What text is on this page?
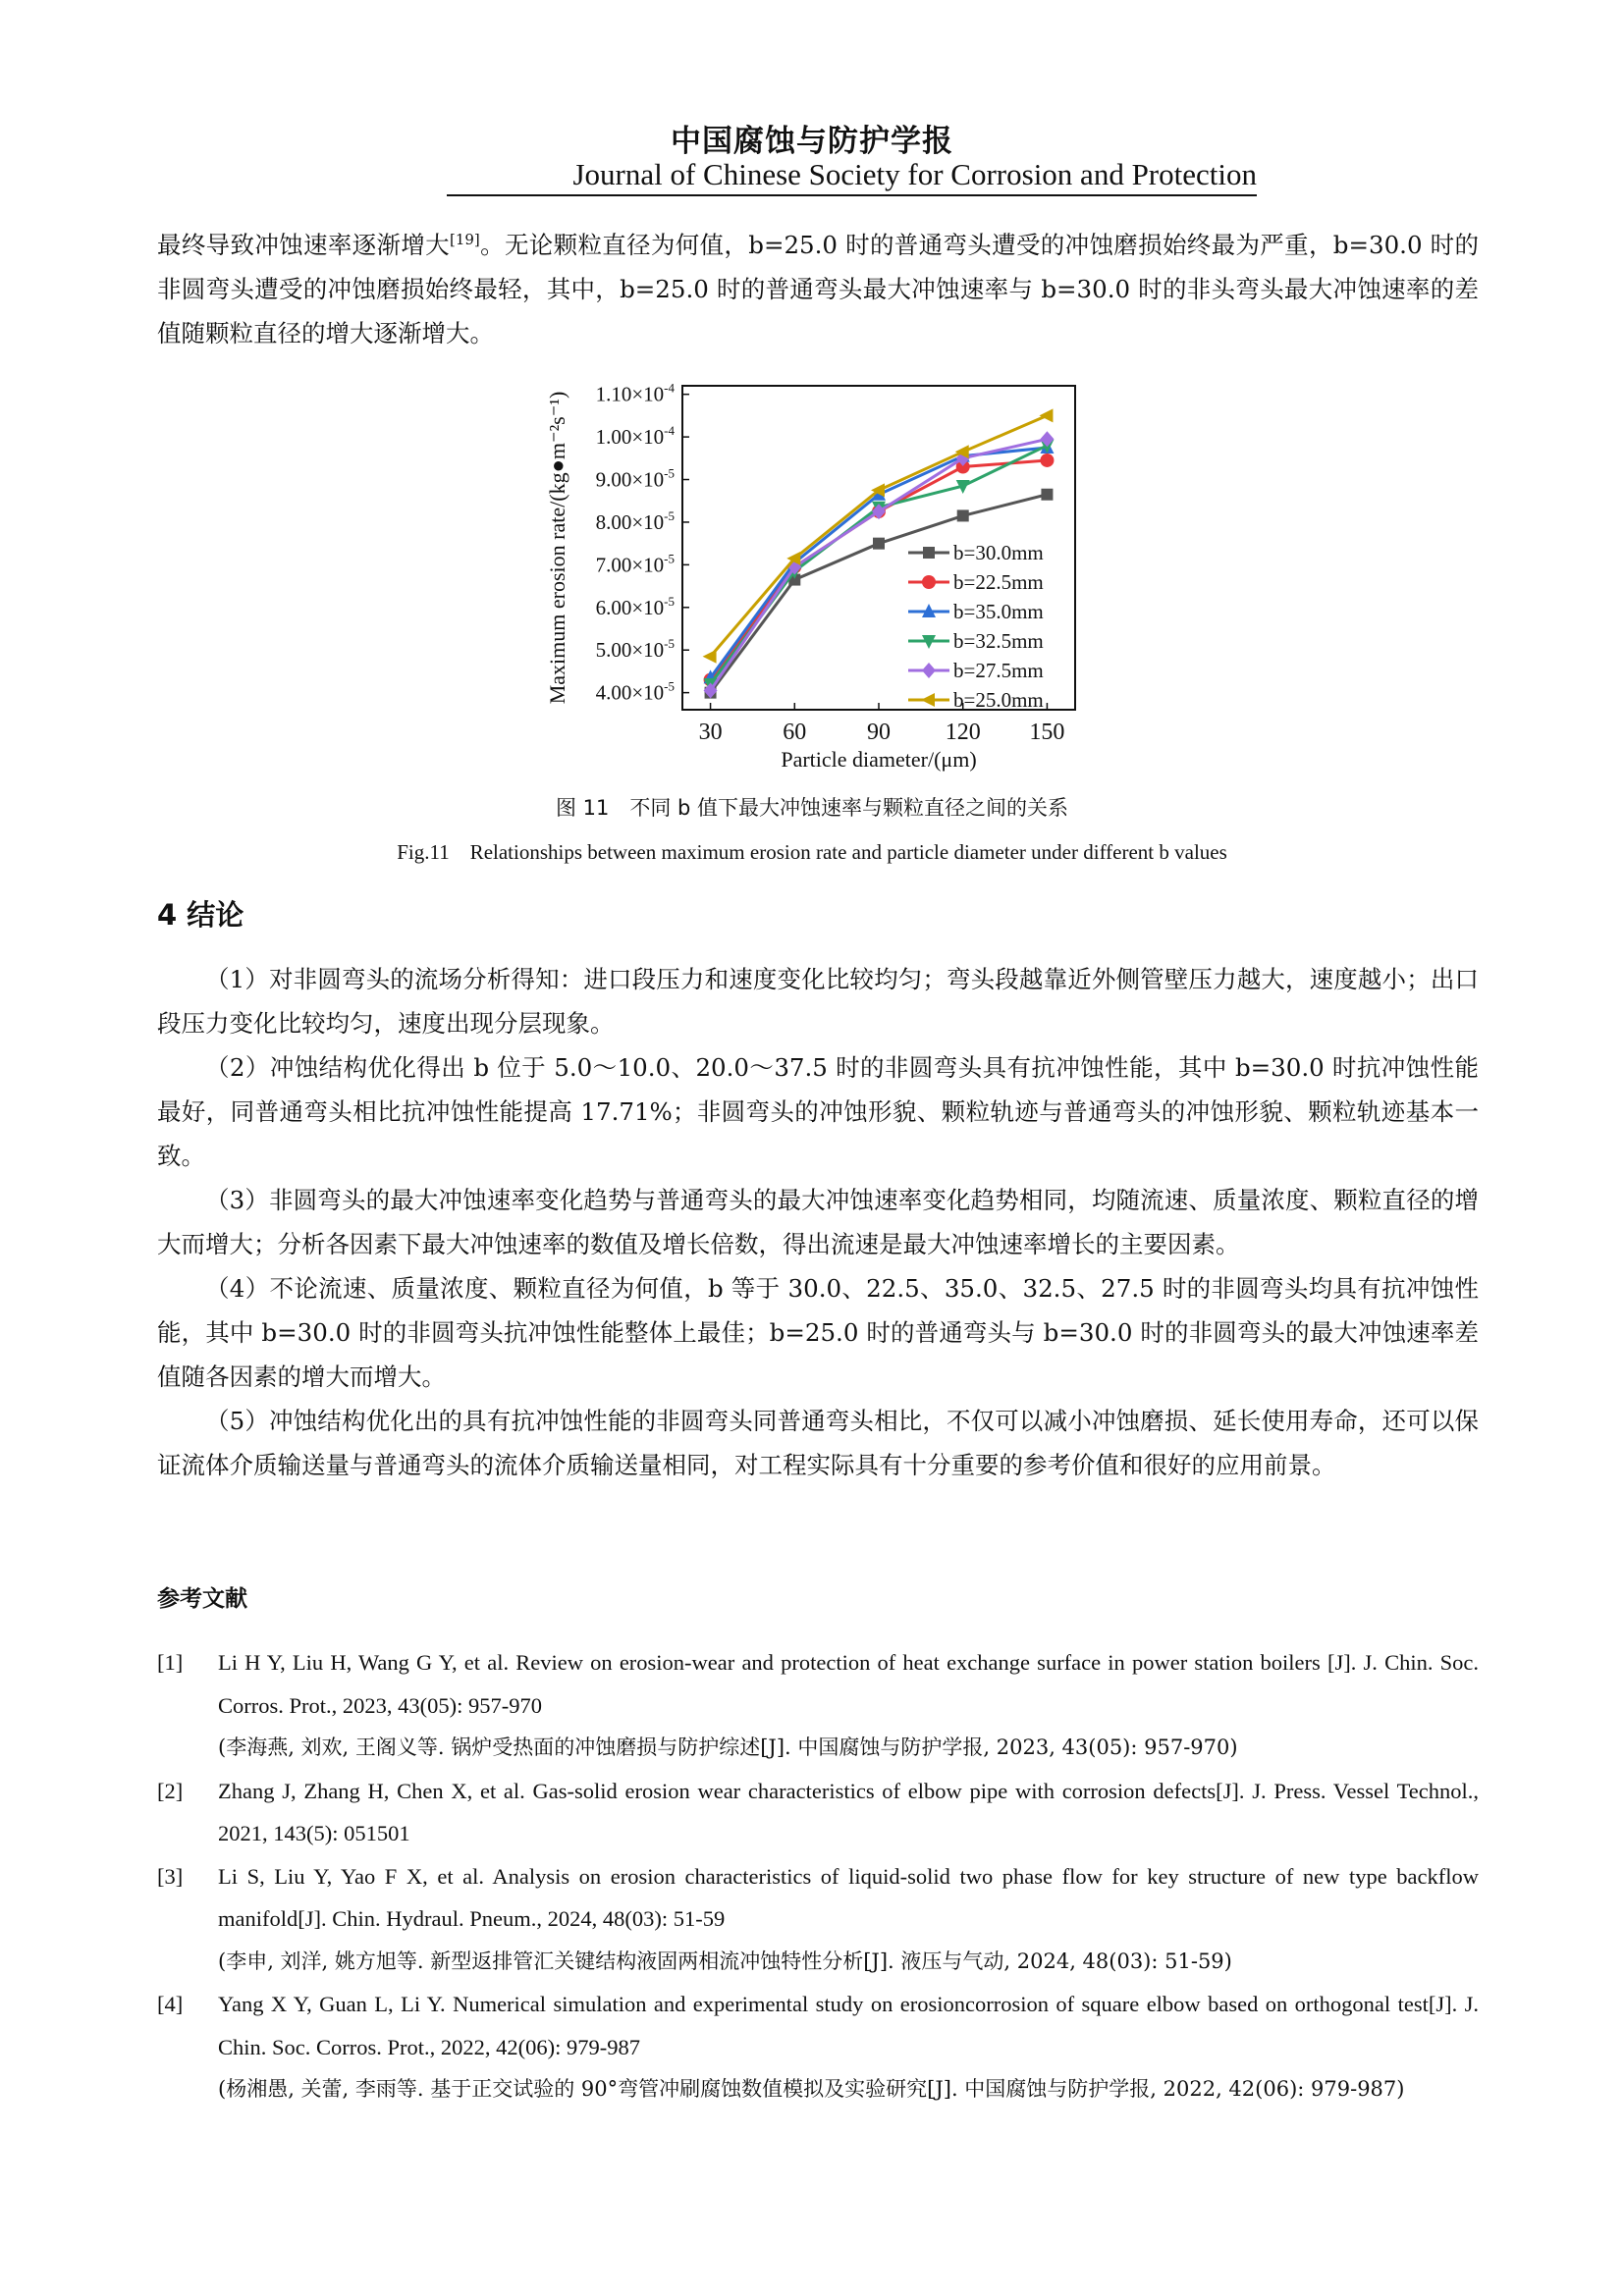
中国腐蚀与防护学报
Journal of Chinese Society for Corrosion and Protection
最终导致冲蚀速率逐渐增大[19]。无论颗粒直径为何值，b=25.0 时的普通弯头遭受的冲蚀磨损始终最为严重，b=30.0 时的非圆弯头遭受的冲蚀磨损始终最轻，其中，b=25.0 时的普通弯头最大冲蚀速率与 b=30.0 时的非头弯头最大冲蚀速率的差值随颗粒直径的增大逐渐增大。
$4.00\times 10^{-5}$
$5.00\times 10^{-5}$
$6.00\times 10^{-5}$
$7.00\times 10^{-5}$
$8.00\times 10^{-5}$
$9.00\times 10^{-5}$
$1.00\times 10^{-4}$
$1.10\times 10^{-4}$
30	60	90 120 150
Particle diameter/(μm)
Maximum erosion rate/(kg●m⁻²s⁻¹)	b=30.0mm
b=22.5mm
b=35.0mm
b=32.5mm
b=27.5mm
b=25.0mm
图 11　不同 b 值下最大冲蚀速率与颗粒直径之间的关系
Fig.11　Relationships between maximum erosion rate and particle diameter under different b values
4 结论

（1）对非圆弯头的流场分析得知：进口段压力和速度变化比较均匀；弯头段越靠近外侧管壁压力越大，速度越小；出口段压力变化比较均匀，速度出现分层现象。

（2）冲蚀结构优化得出 b 位于 5.0～10.0、20.0～37.5 时的非圆弯头具有抗冲蚀性能，其中 b=30.0 时抗冲蚀性能最好，同普通弯头相比抗冲蚀性能提高 17.71%；非圆弯头的冲蚀形貌、颗粒轨迹与普通弯头的冲蚀形貌、颗粒轨迹基本一致。

（3）非圆弯头的最大冲蚀速率变化趋势与普通弯头的最大冲蚀速率变化趋势相同，均随流速、质量浓度、颗粒直径的增大而增大；分析各因素下最大冲蚀速率的数值及增长倍数，得出流速是最大冲蚀速率增长的主要因素。

（4）不论流速、质量浓度、颗粒直径为何值，b 等于 30.0、22.5、35.0、32.5、27.5 时的非圆弯头均具有抗冲蚀性能，其中 b=30.0 时的非圆弯头抗冲蚀性能整体上最佳；b=25.0 时的普通弯头与 b=30.0 时的非圆弯头的最大冲蚀速率差值随各因素的增大而增大。

（5）冲蚀结构优化出的具有抗冲蚀性能的非圆弯头同普通弯头相比，不仅可以减小冲蚀磨损、延长使用寿命，还可以保证流体介质输送量与普通弯头的流体介质输送量相同，对工程实际具有十分重要的参考价值和很好的应用前景。

参考文献
[1] Li H Y, Liu H, Wang G Y, et al. Review on erosion-wear and protection of heat exchange surface in power station boilers [J]. J. Chin. Soc. Corros. Prot., 2023, 43(05): 957-970
(李海燕, 刘欢, 王阁义等. 锅炉受热面的冲蚀磨损与防护综述[J]. 中国腐蚀与防护学报, 2023, 43(05): 957-970)
[2] Zhang J, Zhang H, Chen X, et al. Gas-solid erosion wear characteristics of elbow pipe with corrosion defects[J]. J. Press. Vessel Technol., 2021, 143(5): 051501
[3] Li S, Liu Y, Yao F X, et al. Analysis on erosion characteristics of liquid-solid two phase flow for key structure of new type backflow manifold[J]. Chin. Hydraul. Pneum., 2024, 48(03): 51-59
(李申, 刘洋, 姚方旭等. 新型返排管汇关键结构液固两相流冲蚀特性分析[J]. 液压与气动, 2024, 48(03): 51-59)
[4] Yang X Y, Guan L, Li Y. Numerical simulation and experimental study on erosioncorrosion of square elbow based on orthogonal test[J]. J. Chin. Soc. Corros. Prot., 2022, 42(06): 979-987
(杨湘愚, 关蕾, 李雨等. 基于正交试验的 90°弯管冲刷腐蚀数值模拟及实验研究[J]. 中国腐蚀与防护学报, 2022, 42(06): 979-987)
